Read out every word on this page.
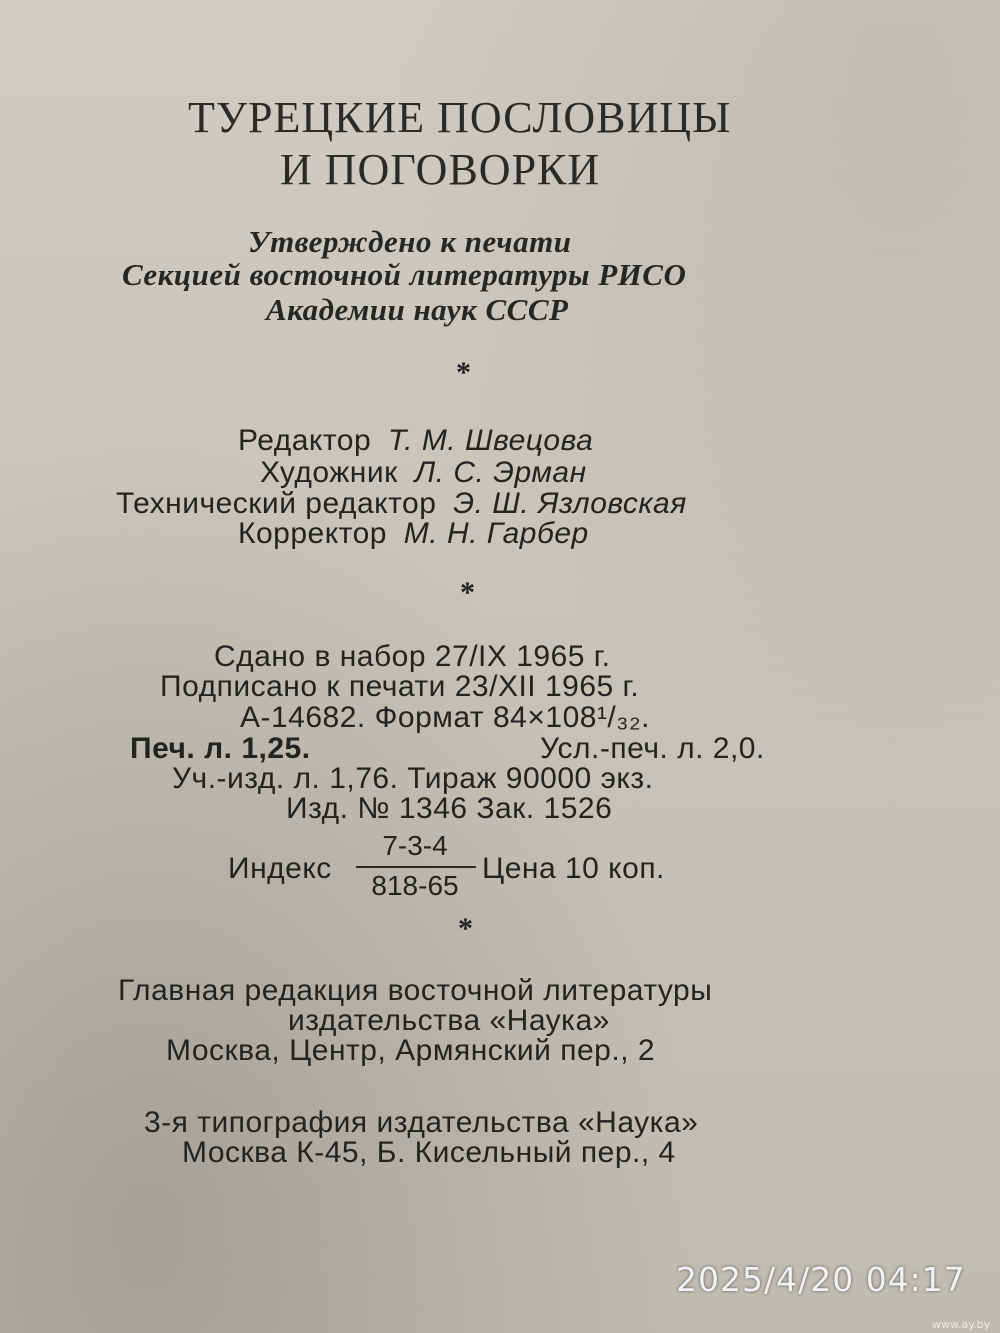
ТУРЕЦКИЕ ПОСЛОВИЦЫ
И ПОГОВОРКИ
Утверждено к печати
Секцией восточной литературы РИСО
Академии наук СССР
*
Редактор Т. М. Швецова
Художник Л. С. Эрман
Технический редактор Э. Ш. Язловская
Корректор М. Н. Гарбер
*
Сдано в набор 27/IX 1965 г.
Подписано к печати 23/XII 1965 г.
А-14682. Формат 84×108¹/₃₂.
Печ. л. 1,25.	Усл.-печ. л. 2,0.
Уч.-изд. л. 1,76. Тираж 90000 экз.
Изд. № 1346 Зак. 1526
Индекс
7-3-4
818-65
Цена 10 коп.
*
Главная редакция восточной литературы
издательства «Наука»
Москва, Центр, Армянский пер., 2
3-я типография издательства «Наука»
Москва К-45, Б. Кисельный пер., 4
2025/4/20 04:17
www.ay.by
